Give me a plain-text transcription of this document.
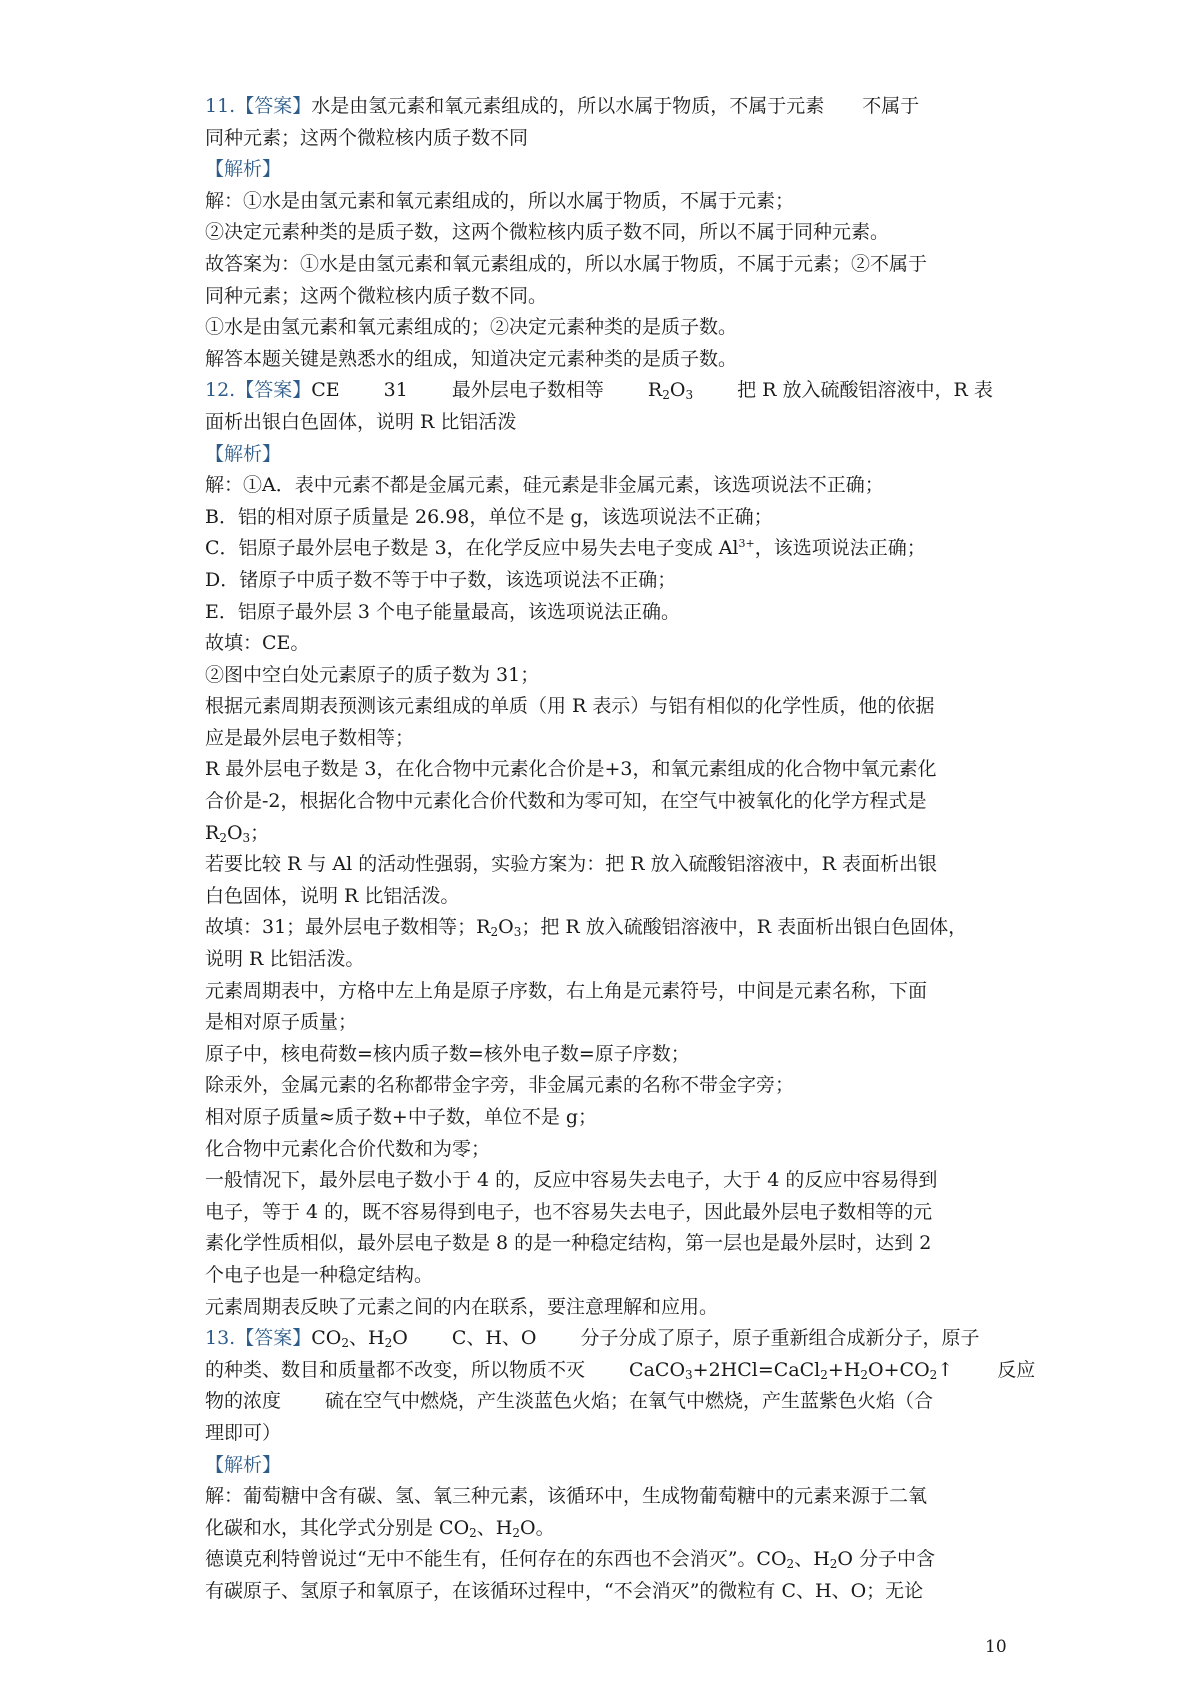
11.【答案】水是由氢元素和氧元素组成的，所以水属于物质，不属于元素　　不属于
同种元素；这两个微粒核内质子数不同
【解析】
解：①水是由氢元素和氧元素组成的，所以水属于物质，不属于元素；
②决定元素种类的是质子数，这两个微粒核内质子数不同，所以不属于同种元素。
故答案为：①水是由氢元素和氧元素组成的，所以水属于物质，不属于元素；②不属于
同种元素；这两个微粒核内质子数不同。
①水是由氢元素和氧元素组成的；②决定元素种类的是质子数。
解答本题关键是熟悉水的组成，知道决定元素种类的是质子数。
12.【答案】CE　　 31　　 最外层电子数相等　　 $R_2O_3$　　 把 R 放入硫酸铝溶液中，R 表
面析出银白色固体，说明 R 比铝活泼
【解析】
解：①A．表中元素不都是金属元素，硅元素是非金属元素，该选项说法不正确；
B．铝的相对原子质量是 26.98，单位不是 g，该选项说法不正确；
C．铝原子最外层电子数是 3，在化学反应中易失去电子变成 $Al^{3+}$，该选项说法正确；
D．锗原子中质子数不等于中子数，该选项说法不正确；
E．铝原子最外层 3 个电子能量最高，该选项说法正确。
故填：CE。
②图中空白处元素原子的质子数为 31；
根据元素周期表预测该元素组成的单质（用 R 表示）与铝有相似的化学性质，他的依据
应是最外层电子数相等；
R 最外层电子数是 3，在化合物中元素化合价是+3，和氧元素组成的化合物中氧元素化
合价是-2，根据化合物中元素化合价代数和为零可知，在空气中被氧化的化学方程式是
$R_2O_3$；
若要比较 R 与 Al 的活动性强弱，实验方案为：把 R 放入硫酸铝溶液中，R 表面析出银
白色固体，说明 R 比铝活泼。
故填：31；最外层电子数相等；$R_2O_3$；把 R 放入硫酸铝溶液中，R 表面析出银白色固体，
说明 R 比铝活泼。
元素周期表中，方格中左上角是原子序数，右上角是元素符号，中间是元素名称，下面
是相对原子质量；
原子中，核电荷数=核内质子数=核外电子数=原子序数；
除汞外，金属元素的名称都带金字旁，非金属元素的名称不带金字旁；
相对原子质量≈质子数+中子数，单位不是 g；
化合物中元素化合价代数和为零；
一般情况下，最外层电子数小于 4 的，反应中容易失去电子，大于 4 的反应中容易得到
电子，等于 4 的，既不容易得到电子，也不容易失去电子，因此最外层电子数相等的元
素化学性质相似，最外层电子数是 8 的是一种稳定结构，第一层也是最外层时，达到 2
个电子也是一种稳定结构。
元素周期表反映了元素之间的内在联系，要注意理解和应用。
13.【答案】$CO_2$、$H_2O$　　 C、H、O　　 分子分成了原子，原子重新组合成新分子，原子
的种类、数目和质量都不改变，所以物质不灭　　 $CaCO_3+2HCl=CaCl_2+H_2O+CO_2↑$　　 反应
物的浓度　　 硫在空气中燃烧，产生淡蓝色火焰；在氧气中燃烧，产生蓝紫色火焰（合
理即可）
【解析】
解：葡萄糖中含有碳、氢、氧三种元素，该循环中，生成物葡萄糖中的元素来源于二氧
化碳和水，其化学式分别是 $CO_2$、$H_2O$。
德谟克利特曾说过“无中不能生有，任何存在的东西也不会消灭”。$CO_2$、$H_2O$ 分子中含
有碳原子、氢原子和氧原子，在该循环过程中，“不会消灭”的微粒有 C、H、O；无论
10
